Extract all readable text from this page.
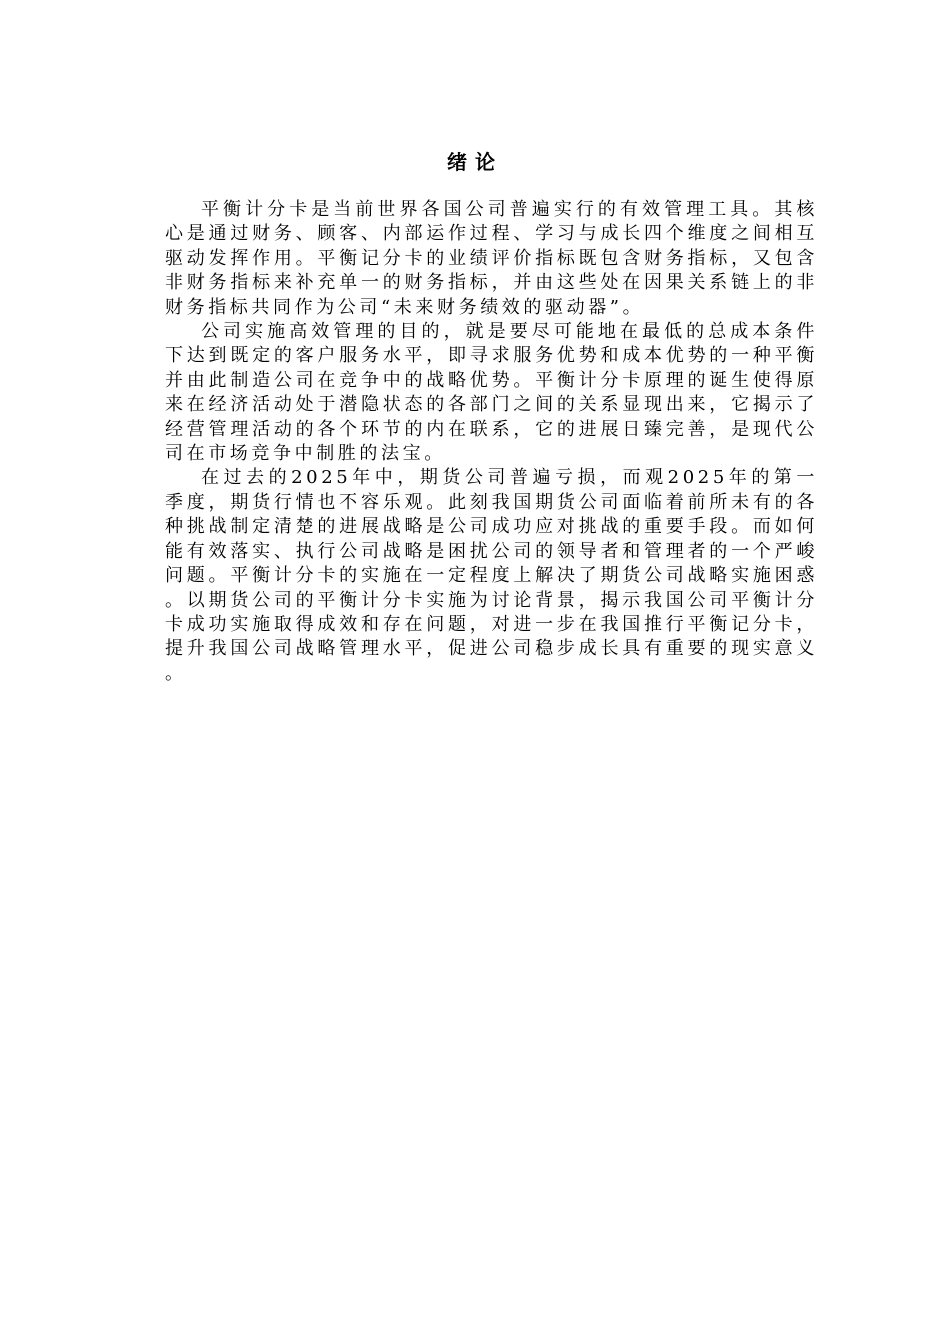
绪论

平衡计分卡是当前世界各国公司普遍实行的有效管理工具。其核心是通过财务、顾客、内部运作过程、学习与成长四个维度之间相互驱动发挥作用。平衡记分卡的业绩评价指标既包含财务指标，又包含非财务指标来补充单一的财务指标，并由这些处在因果关系链上的非财务指标共同作为公司“未来财务绩效的驱动器”。

公司实施高效管理的目的，就是要尽可能地在最低的总成本条件下达到既定的客户服务水平，即寻求服务优势和成本优势的一种平衡并由此制造公司在竞争中的战略优势。平衡计分卡原理的诞生使得原来在经济活动处于潜隐状态的各部门之间的关系显现出来，它揭示了经营管理活动的各个环节的内在联系，它的进展日臻完善，是现代公司在市场竞争中制胜的法宝。

在过去的2025年中，期货公司普遍亏损，而观2025年的第一季度，期货行情也不容乐观。此刻我国期货公司面临着前所未有的各种挑战制定清楚的进展战略是公司成功应对挑战的重要手段。而如何能有效落实、执行公司战略是困扰公司的领导者和管理者的一个严峻问题。平衡计分卡的实施在一定程度上解决了期货公司战略实施困惑。以期货公司的平衡计分卡实施为讨论背景，揭示我国公司平衡计分卡成功实施取得成效和存在问题，对进一步在我国推行平衡记分卡，提升我国公司战略管理水平，促进公司稳步成长具有重要的现实意义。
